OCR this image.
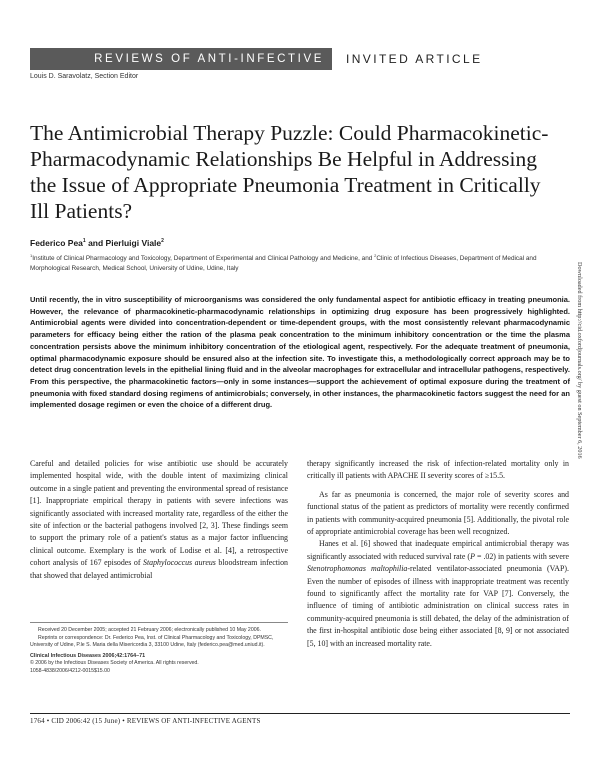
REVIEWS OF ANTI-INFECTIVE AGENTS
INVITED ARTICLE
Louis D. Saravolatz, Section Editor
The Antimicrobial Therapy Puzzle: Could Pharmacokinetic-Pharmacodynamic Relationships Be Helpful in Addressing the Issue of Appropriate Pneumonia Treatment in Critically Ill Patients?
Federico Pea$^1$ and Pierluigi Viale$^2$
$^1$Institute of Clinical Pharmacology and Toxicology, Department of Experimental and Clinical Pathology and Medicine, and $^2$Clinic of Infectious Diseases, Department of Medical and Morphological Research, Medical School, University of Udine, Udine, Italy
Until recently, the in vitro susceptibility of microorganisms was considered the only fundamental aspect for antibiotic efficacy in treating pneumonia. However, the relevance of pharmacokinetic-pharmacodynamic relationships in optimizing drug exposure has been progressively highlighted. Antimicrobial agents were divided into concentration-dependent or time-dependent groups, with the most consistently relevant pharmacodynamic parameters for efficacy being either the ration of the plasma peak concentration to the minimum inhibitory concentration or the time the plasma concentration persists above the minimum inhibitory concentration of the etiological agent, respectively. For the adequate treatment of pneumonia, optimal pharmacodynamic exposure should be ensured also at the infection site. To investigate this, a methodologically correct approach may be to detect drug concentration levels in the epithelial lining fluid and in the alveolar macrophages for extracellular and intracellular pathogens, respectively. From this perspective, the pharmacokinetic factors—only in some instances—support the achievement of optimal exposure during the treatment of pneumonia with fixed standard dosing regimens of antimicrobials; conversely, in other instances, the pharmacokinetic factors suggest the need for an implemented dosage regimen or even the choice of a different drug.

Careful and detailed policies for wise antibiotic use should be accurately implemented hospital wide, with the double intent of maximizing clinical outcome in a single patient and preventing the environmental spread of resistance [1]. Inappropriate empirical therapy in patients with severe infections was significantly associated with increased mortality rate, regardless of the either the site of infection or the bacterial pathogens involved [2, 3]. These findings seem to support the primary role of a patient's status as a major factor influencing clinical outcome. Exemplary is the work of Lodise et al. [4], a retrospective cohort analysis of 167 episodes of Staphylococcus aureus bloodstream infection that showed that delayed antimicrobial

Received 20 December 2005; accepted 21 February 2006; electronically published 10 May 2006.

Reprints or correspondence: Dr. Federico Pea, Inst. of Clinical Pharmacology and Toxicology, DPMSC, University of Udine, P.le S. Maria della Misericordia 3, 33100 Udine, Italy (federico.pea@med.uniud.it).

Clinical Infectious Diseases 2006;42:1764–71

© 2006 by the Infectious Diseases Society of America. All rights reserved.

1058-4838/2006/4212-0015$15.00

therapy significantly increased the risk of infection-related mortality only in critically ill patients with APACHE II severity scores of ≥15.5.

As far as pneumonia is concerned, the major role of severity scores and functional status of the patient as predictors of mortality were recently confirmed in patients with community-acquired pneumonia [5]. Additionally, the pivotal role of appropriate antimicrobial coverage has been well recognized.

Hanes et al. [6] showed that inadequate empirical antimicrobial therapy was significantly associated with reduced survival rate (P = .02) in patients with severe Stenotrophomonas maltophilia-related ventilator-associated pneumonia (VAP). Even the number of episodes of illness with inappropriate treatment was recently found to significantly affect the mortality rate for VAP [7]. Conversely, the influence of timing of antibiotic administration on clinical success rates in community-acquired pneumonia is still debated, the delay of the administration of the first in-hospital antibiotic dose being either associated [8, 9] or not associated [5, 10] with an increased mortality rate.

1764 • CID 2006:42 (15 June) • REVIEWS OF ANTI-INFECTIVE AGENTS
Downloaded from http://cid.oxfordjournals.org/ by guest on September 6, 2016
